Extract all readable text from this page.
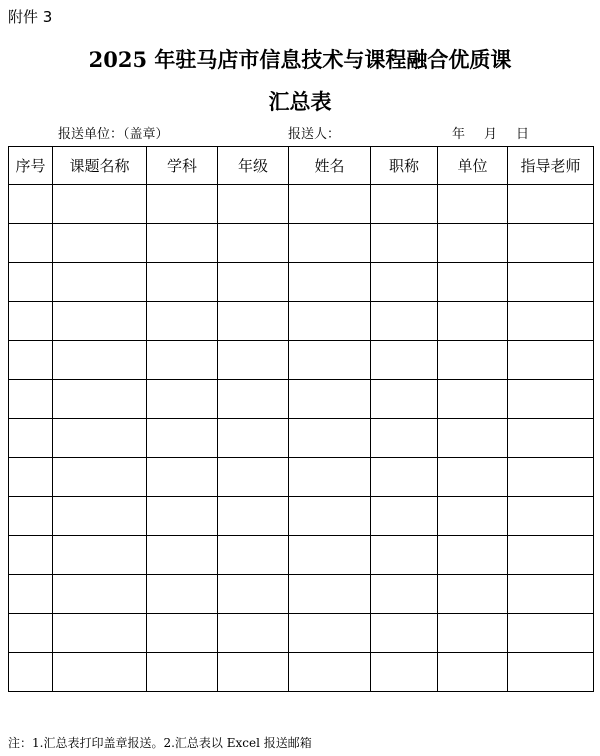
附件 3
2025 年驻马店市信息技术与课程融合优质课
汇总表
报送单位：（盖章）	报送人：	年 月 日
序号	课题名称	学科	年级	姓名	职称	单位	指导老师

注：1.汇总表打印盖章报送。2.汇总表以 Excel 报送邮箱
